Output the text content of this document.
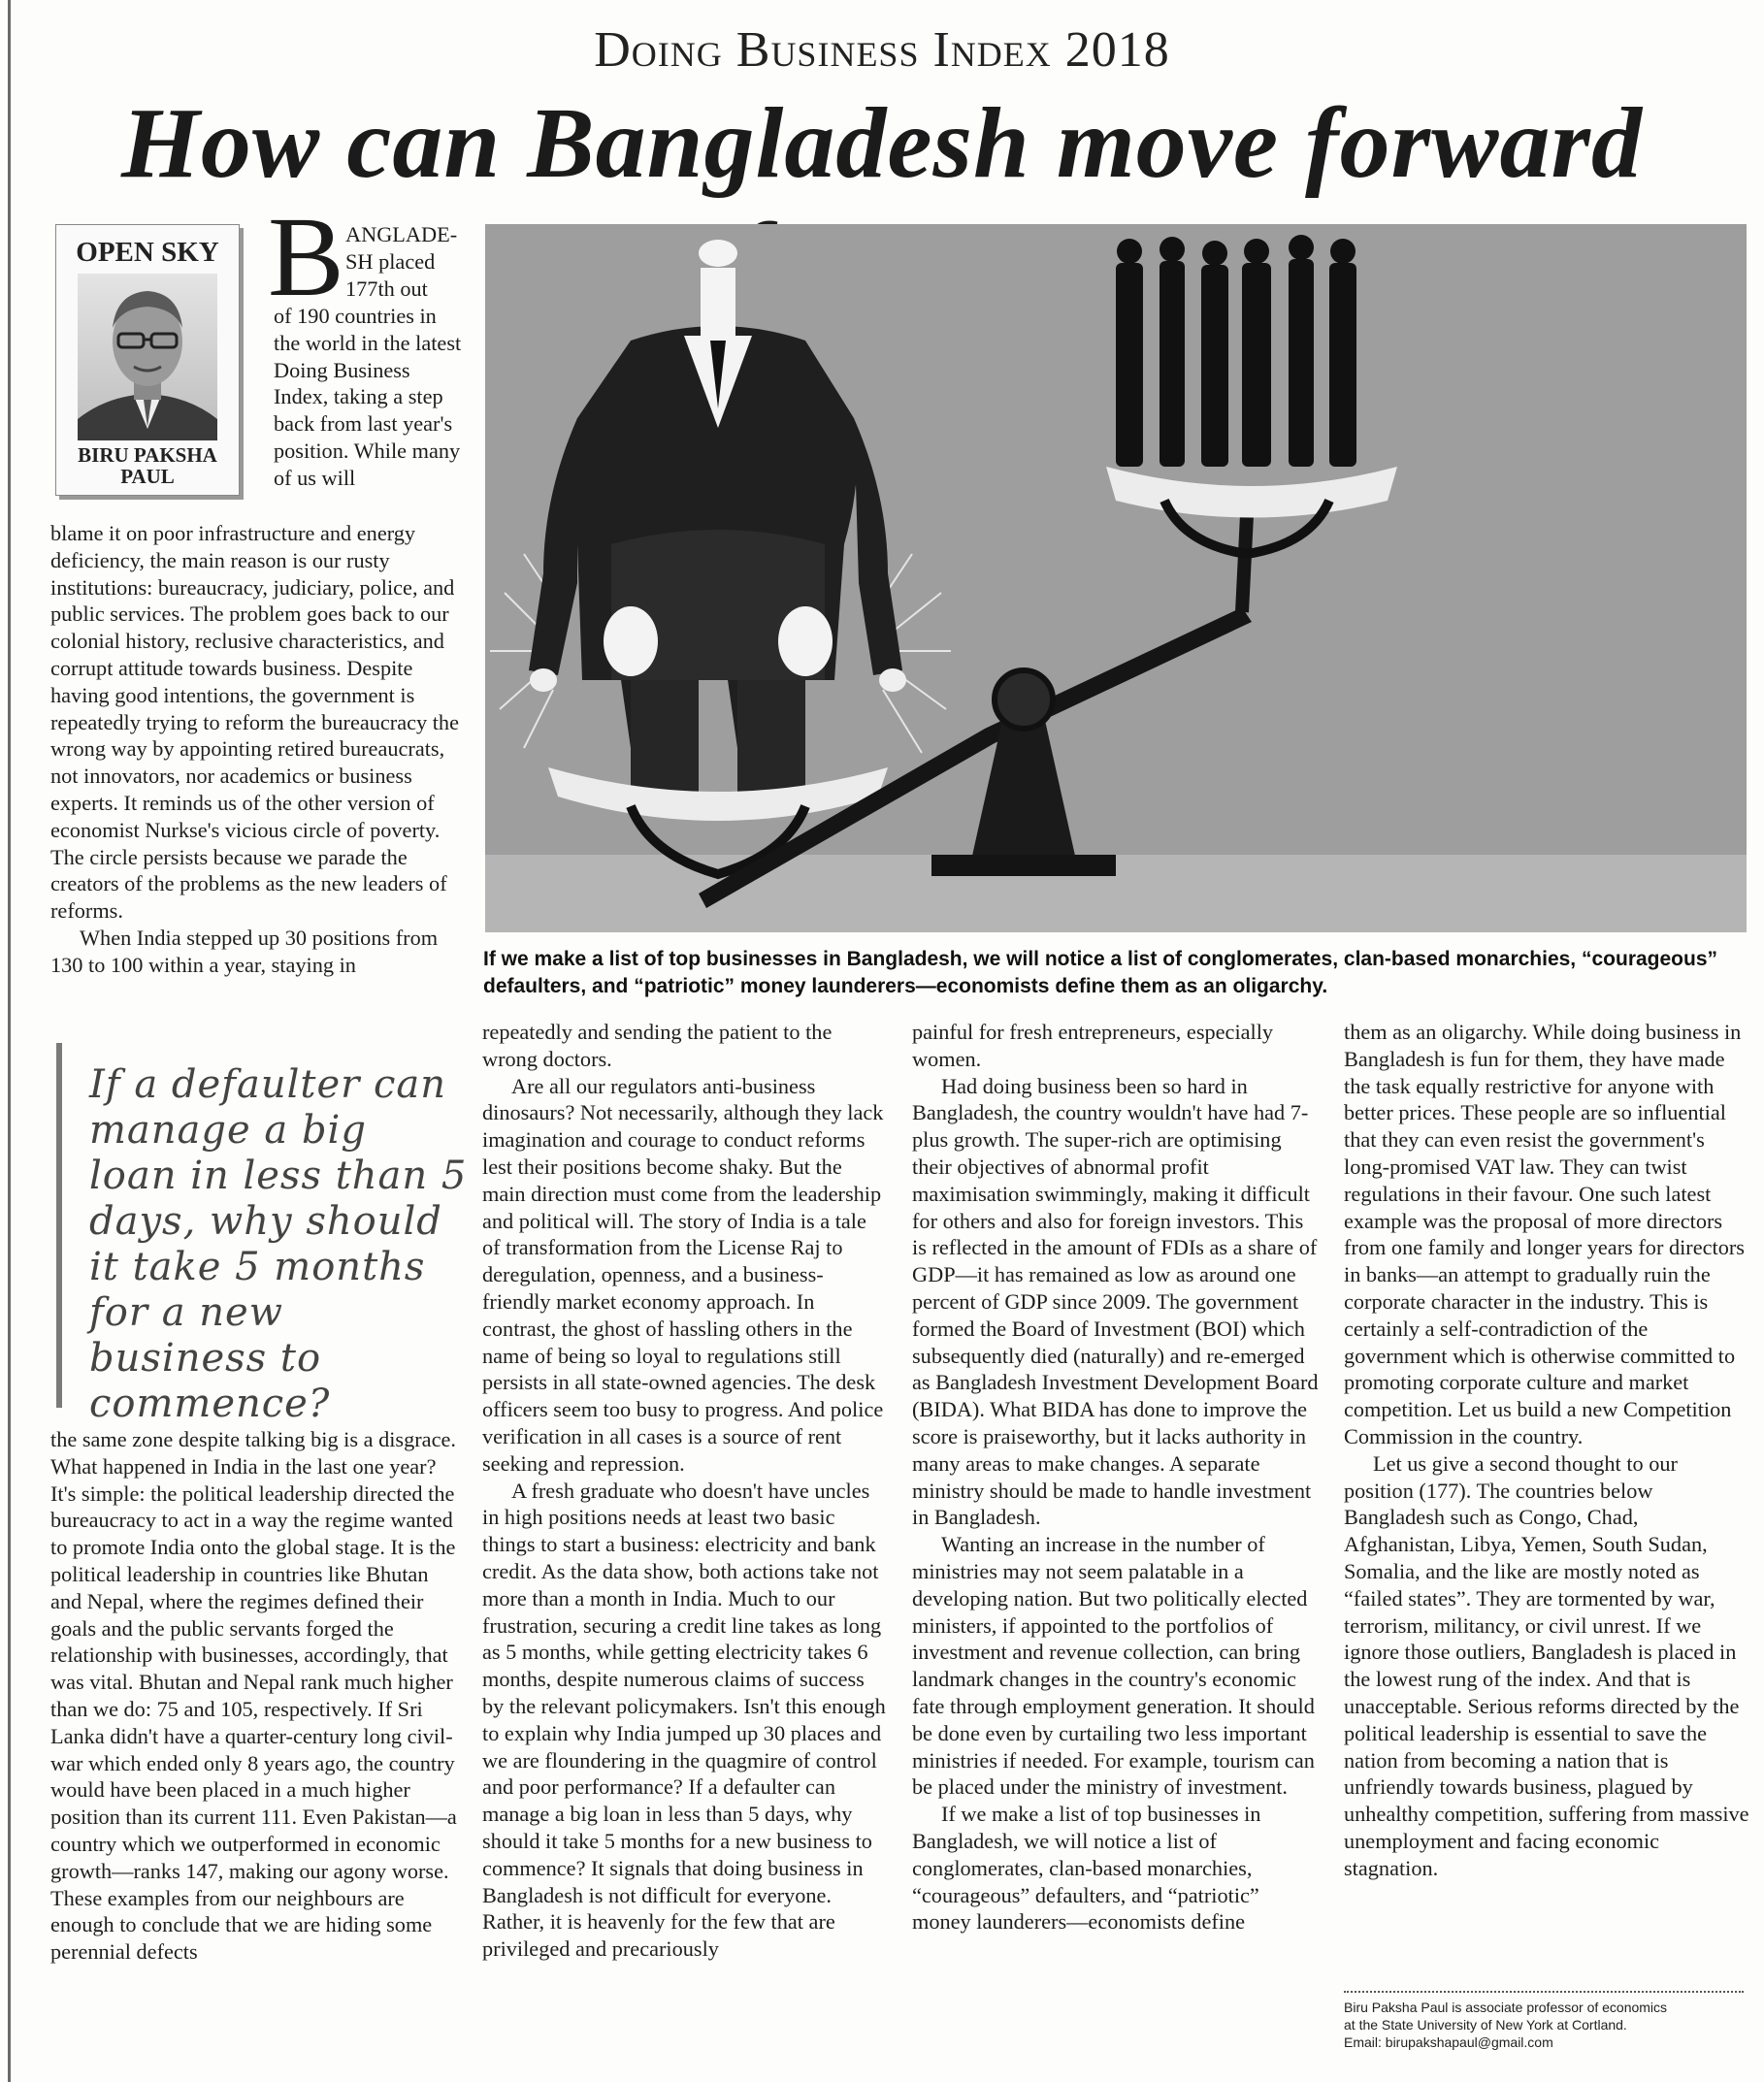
Doing Business Index 2018
How can Bangladesh move forward
OPEN SKY
BIRU PAKSHA
PAUL
B ANGLADE-
SH placed
177th out
of 190 countries in the world in the latest Doing Business Index, taking a step back from last year's position. While many of us will

blame it on poor infrastructure and energy deficiency, the main reason is our rusty institutions: bureaucracy, judiciary, police, and public services. The problem goes back to our colonial history, reclusive characteristics, and corrupt attitude towards business. Despite having good intentions, the government is repeatedly trying to reform the bureaucracy the wrong way by appointing retired bureaucrats, not innovators, nor academics or business experts. It reminds us of the other version of economist Nurkse's vicious circle of poverty. The circle persists because we parade the creators of the problems as the new leaders of reforms.

When India stepped up 30 positions from 130 to 100 within a year, staying in

If a defaulter can manage a big loan in less than 5 days, why should it take 5 months for a new business to commence?

the same zone despite talking big is a disgrace. What happened in India in the last one year? It's simple: the political leadership directed the bureaucracy to act in a way the regime wanted to promote India onto the global stage. It is the political leadership in countries like Bhutan and Nepal, where the regimes defined their goals and the public servants forged the relationship with businesses, accordingly, that was vital. Bhutan and Nepal rank much higher than we do: 75 and 105, respectively. If Sri Lanka didn't have a quarter-century long civil-war which ended only 8 years ago, the country would have been placed in a much higher position than its current 111. Even Pakistan—a country which we outperformed in economic growth—ranks 147, making our agony worse. These examples from our neighbours are enough to conclude that we are hiding some perennial defects

If we make a list of top businesses in Bangladesh, we will notice a list of conglomerates, clan-based monarchies, “courageous” defaulters, and “patriotic” money launderers—economists define them as an oligarchy.

repeatedly and sending the patient to the wrong doctors.

Are all our regulators anti-business dinosaurs? Not necessarily, although they lack imagination and courage to conduct reforms lest their positions become shaky. But the main direction must come from the leadership and political will. The story of India is a tale of transformation from the License Raj to deregulation, openness, and a business-friendly market economy approach. In contrast, the ghost of hassling others in the name of being so loyal to regulations still persists in all state-owned agencies. The desk officers seem too busy to progress. And police verification in all cases is a source of rent seeking and repression.

A fresh graduate who doesn't have uncles in high positions needs at least two basic things to start a business: electricity and bank credit. As the data show, both actions take not more than a month in India. Much to our frustration, securing a credit line takes as long as 5 months, while getting electricity takes 6 months, despite numerous claims of success by the relevant policymakers. Isn't this enough to explain why India jumped up 30 places and we are floundering in the quagmire of control and poor performance? If a defaulter can manage a big loan in less than 5 days, why should it take 5 months for a new business to commence? It signals that doing business in Bangladesh is not difficult for everyone. Rather, it is heavenly for the few that are privileged and precariously

painful for fresh entrepreneurs, especially women.

Had doing business been so hard in Bangladesh, the country wouldn't have had 7-plus growth. The super-rich are optimising their objectives of abnormal profit maximisation swimmingly, making it difficult for others and also for foreign investors. This is reflected in the amount of FDIs as a share of GDP—it has remained as low as around one percent of GDP since 2009. The government formed the Board of Investment (BOI) which subsequently died (naturally) and re-emerged as Bangladesh Investment Development Board (BIDA). What BIDA has done to improve the score is praiseworthy, but it lacks authority in many areas to make changes. A separate ministry should be made to handle investment in Bangladesh.

Wanting an increase in the number of ministries may not seem palatable in a developing nation. But two politically elected ministers, if appointed to the portfolios of investment and revenue collection, can bring landmark changes in the country's economic fate through employment generation. It should be done even by curtailing two less important ministries if needed. For example, tourism can be placed under the ministry of investment.

If we make a list of top businesses in Bangladesh, we will notice a list of conglomerates, clan-based monarchies, “courageous” defaulters, and “patriotic” money launderers—economists define

them as an oligarchy. While doing business in Bangladesh is fun for them, they have made the task equally restrictive for anyone with better prices. These people are so influential that they can even resist the government's long-promised VAT law. They can twist regulations in their favour. One such latest example was the proposal of more directors from one family and longer years for directors in banks—an attempt to gradually ruin the corporate character in the industry. This is certainly a self-contradiction of the government which is otherwise committed to promoting corporate culture and market competition. Let us build a new Competition Commission in the country.

Let us give a second thought to our position (177). The countries below Bangladesh such as Congo, Chad, Afghanistan, Libya, Yemen, South Sudan, Somalia, and the like are mostly noted as “failed states”. They are tormented by war, terrorism, militancy, or civil unrest. If we ignore those outliers, Bangladesh is placed in the lowest rung of the index. And that is unacceptable. Serious reforms directed by the political leadership is essential to save the nation from becoming a nation that is unfriendly towards business, plagued by unhealthy competition, suffering from massive unemployment and facing economic stagnation.

Biru Paksha Paul is associate professor of economics
at the State University of New York at Cortland.
Email: birupakshapaul@gmail.com
